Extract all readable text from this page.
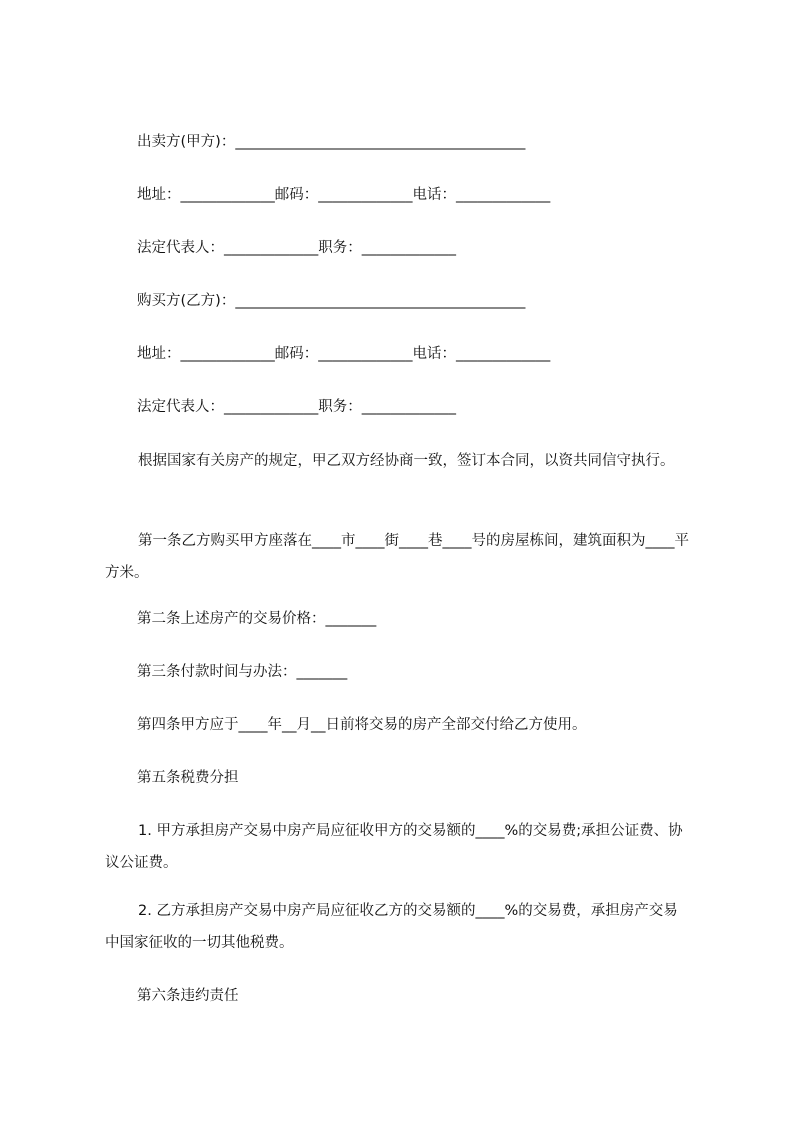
出卖方(甲方)：________________________________________
地址：_____________邮码：_____________电话：_____________
法定代表人：_____________职务：_____________
购买方(乙方)：________________________________________
地址：_____________邮码：_____________电话：_____________
法定代表人：_____________职务：_____________
根据国家有关房产的规定，甲乙双方经协商一致，签订本合同，以资共同信守执行。
第一条乙方购买甲方座落在____市____街____巷____号的房屋栋间，建筑面积为____平方米。
第二条上述房产的交易价格：_______
第三条付款时间与办法：_______
第四条甲方应于____年__月__日前将交易的房产全部交付给乙方使用。
第五条税费分担
1. 甲方承担房产交易中房产局应征收甲方的交易额的____%的交易费;承担公证费、协议公证费。
2. 乙方承担房产交易中房产局应征收乙方的交易额的____%的交易费，承担房产交易中国家征收的一切其他税费。
第六条违约责任
